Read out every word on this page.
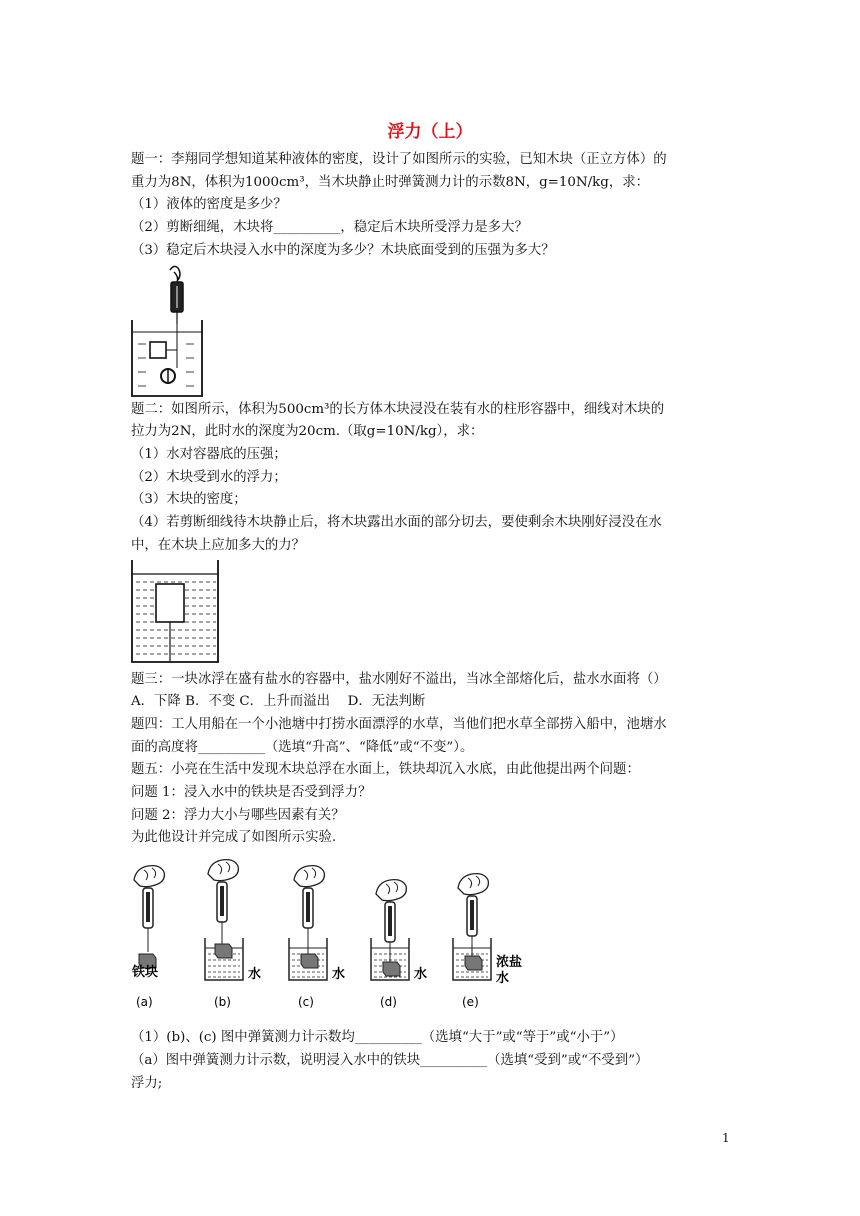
浮力（上）
题一：李翔同学想知道某种液体的密度，设计了如图所示的实验，已知木块（正立方体）的
重力为8N，体积为1000cm³，当木块静止时弹簧测力计的示数8N，g=10N/kg，求：
（1）液体的密度是多少？
（2）剪断细绳，木块将__________，稳定后木块所受浮力是多大？
（3）稳定后木块浸入水中的深度为多少？木块底面受到的压强为多大？
题二：如图所示，体积为500cm³的长方体木块浸没在装有水的柱形容器中，细线对木块的
拉力为2N，此时水的深度为20cm.（取g=10N/kg），求：
（1）水对容器底的压强；
（2）木块受到水的浮力；
（3）木块的密度；
（4）若剪断细线待木块静止后，将木块露出水面的部分切去，要使剩余木块刚好浸没在水
中，在木块上应加多大的力？
题三：一块冰浮在盛有盐水的容器中，盐水刚好不溢出，当冰全部熔化后，盐水水面将（）
A．下降 B．不变 C．上升而溢出　 D．无法判断
题四：工人用船在一个小池塘中打捞水面漂浮的水草，当他们把水草全部捞入船中，池塘水
面的高度将__________（选填“升高”、“降低”或“不变”）。
题五：小亮在生活中发现木块总浮在水面上，铁块却沉入水底，由此他提出两个问题：
问题 1：浸入水中的铁块是否受到浮力？
问题 2：浮力大小与哪些因素有关？
为此他设计并完成了如图所示实验.
铁块	水	水	水
浓盐
水
(a)	(b)	(c)	(d)	(e)
（1）(b)、(c) 图中弹簧测力计示数均__________（选填“大于”或“等于”或“小于”）
（a）图中弹簧测力计示数，说明浸入水中的铁块__________（选填“受到”或“不受到”）
浮力;
1
